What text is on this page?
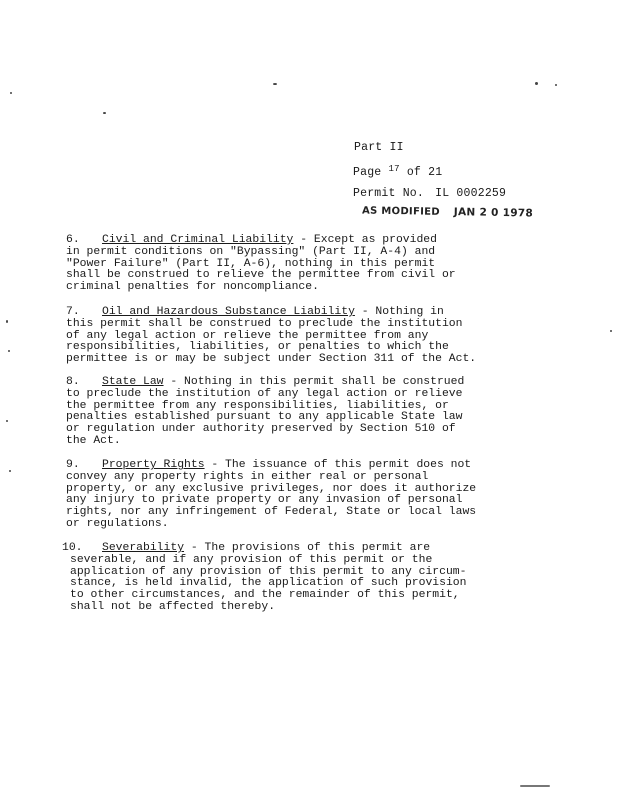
Part II
Page $^{17}$ of 21
Permit No. IL 0002259
AS MODIFIED JAN 2 0 1978
6. Civil and Criminal Liability - Except as provided
in permit conditions on "Bypassing" (Part II, A-4) and
"Power Failure" (Part II, A-6), nothing in this permit
shall be construed to relieve the permittee from civil or
criminal penalties for noncompliance.
7. Oil and Hazardous Substance Liability - Nothing in
this permit shall be construed to preclude the institution
of any legal action or relieve the permittee from any
responsibilities, liabilities, or penalties to which the
permittee is or may be subject under Section 311 of the Act.
8. State Law - Nothing in this permit shall be construed
to preclude the institution of any legal action or relieve
the permittee from any responsibilities, liabilities, or
penalties established pursuant to any applicable State law
or regulation under authority preserved by Section 510 of
the Act.
9. Property Rights - The issuance of this permit does not
convey any property rights in either real or personal
property, or any exclusive privileges, nor does it authorize
any injury to private property or any invasion of personal
rights, nor any infringement of Federal, State or local laws
or regulations.
10. Severability - The provisions of this permit are
severable, and if any provision of this permit or the
application of any provision of this permit to any circum-
stance, is held invalid, the application of such provision
to other circumstances, and the remainder of this permit,
shall not be affected thereby.
